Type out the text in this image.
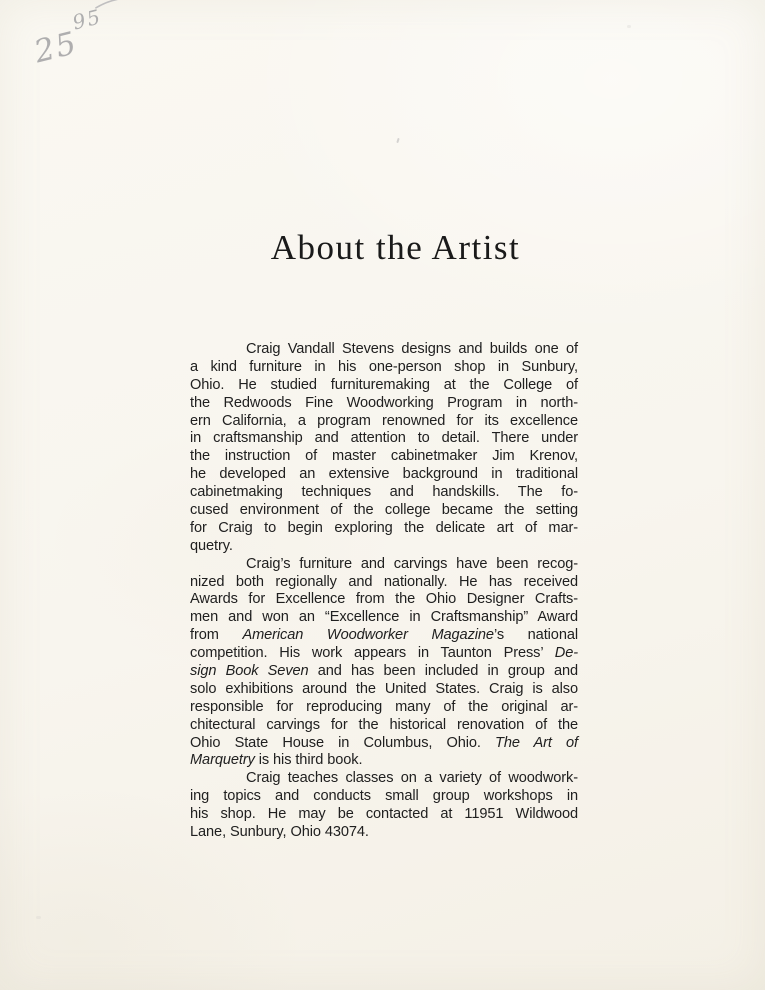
25
95
About the Artist
Craig Vandall Stevens designs and builds one of
a kind furniture in his one-person shop in Sunbury,
Ohio. He studied furnituremaking at the College of
the Redwoods Fine Woodworking Program in north-
ern California, a program renowned for its excellence
in craftsmanship and attention to detail. There under
the instruction of master cabinetmaker Jim Krenov,
he developed an extensive background in traditional
cabinetmaking techniques and handskills. The fo-
cused environment of the college became the setting
for Craig to begin exploring the delicate art of mar-
quetry.
Craig’s furniture and carvings have been recog-
nized both regionally and nationally. He has received
Awards for Excellence from the Ohio Designer Crafts-
men and won an “Excellence in Craftsmanship” Award
from American Woodworker Magazine’s national
competition. His work appears in Taunton Press’ De-
sign Book Seven and has been included in group and
solo exhibitions around the United States. Craig is also
responsible for reproducing many of the original ar-
chitectural carvings for the historical renovation of the
Ohio State House in Columbus, Ohio. The Art of
Marquetry is his third book.
Craig teaches classes on a variety of woodwork-
ing topics and conducts small group workshops in
his shop. He may be contacted at 11951 Wildwood
Lane, Sunbury, Ohio 43074.
